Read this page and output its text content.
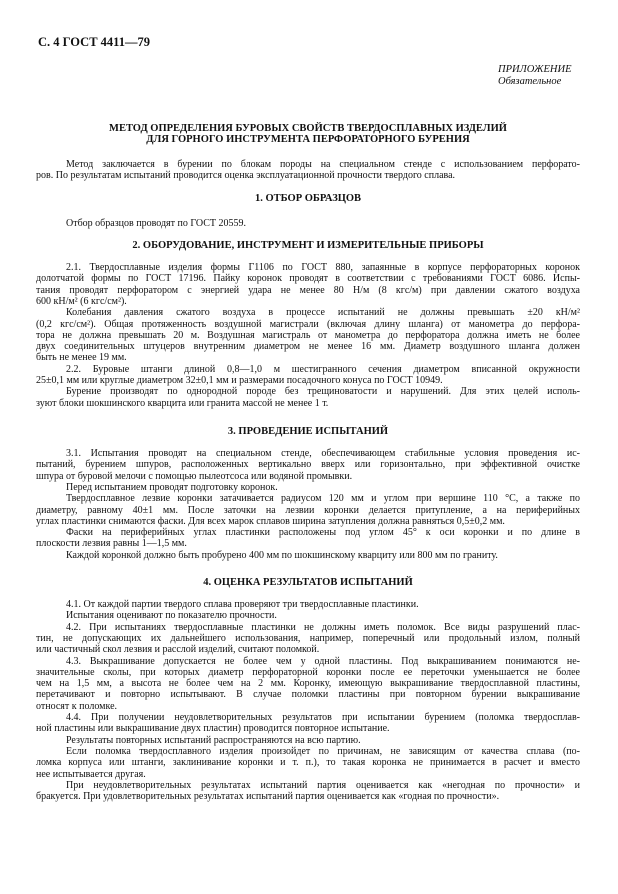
С. 4 ГОСТ 4411—79
ПРИЛОЖЕНИЕ
Обязательное
МЕТОД ОПРЕДЕЛЕНИЯ БУРОВЫХ СВОЙСТВ ТВЕРДОСПЛАВНЫХ ИЗДЕЛИЙ
ДЛЯ ГОРНОГО ИНСТРУМЕНТА ПЕРФОРАТОРНОГО БУРЕНИЯ
Метод заключается в бурении по блокам породы на специальном стенде с использованием перфорато-
ров. По результатам испытаний проводится оценка эксплуатационной прочности твердого сплава.
1. ОТБОР ОБРАЗЦОВ
Отбор образцов проводят по ГОСТ 20559.
2. ОБОРУДОВАНИЕ, ИНСТРУМЕНТ И ИЗМЕРИТЕЛЬНЫЕ ПРИБОРЫ
2.1. Твердосплавные изделия формы Г1106 по ГОСТ 880, запаянные в корпусе перфораторных коронок
долотчатой формы по ГОСТ 17196. Пайку коронок проводят в соответствии с требованиями ГОСТ 6086. Испы-
тания проводят перфоратором с энергией удара не менее 80 Н/м (8 кгс/м) при давлении сжатого воздуха
600 кН/м² (6 кгс/см²).
Колебания давления сжатого воздуха в процессе испытаний не должны превышать ±20 кН/м²
(0,2 кгс/см²). Общая протяженность воздушной магистрали (включая длину шланга) от манометра до перфора-
тора не должна превышать 20 м. Воздушная магистраль от манометра до перфоратора должна иметь не более
двух соединительных штуцеров внутренним диаметром не менее 16 мм. Диаметр воздушного шланга должен
быть не менее 19 мм.
2.2. Буровые штанги длиной 0,8—1,0 м шестигранного сечения диаметром вписанной окружности
25±0,1 мм или круглые диаметром 32±0,1 мм и размерами посадочного конуса по ГОСТ 10949.
Бурение производят по однородной породе без трещиноватости и нарушений. Для этих целей исполь-
зуют блоки шокшинского кварцита или гранита массой не менее 1 т.
3. ПРОВЕДЕНИЕ ИСПЫТАНИЙ
3.1. Испытания проводят на специальном стенде, обеспечивающем стабильные условия проведения ис-
пытаний, бурением шпуров, расположенных вертикально вверх или горизонтально, при эффективной очистке
шпура от буровой мелочи с помощью пылеотсоса или водяной промывки.
Перед испытанием проводят подготовку коронок.
Твердосплавное лезвие коронки затачивается радиусом 120 мм и углом при вершине 110 °С, а также по
диаметру, равному 40±1 мм. После заточки на лезвии коронки делается притупление, а на периферийных
углах пластинки снимаются фаски. Для всех марок сплавов ширина затупления должна равняться 0,5±0,2 мм.
Фаски на периферийных углах пластинки расположены под углом 45° к оси коронки и по длине в
плоскости лезвия равны 1—1,5 мм.
Каждой коронкой должно быть пробурено 400 мм по шокшинскому кварциту или 800 мм по граниту.
4. ОЦЕНКА РЕЗУЛЬТАТОВ ИСПЫТАНИЙ
4.1. От каждой партии твердого сплава проверяют три твердосплавные пластинки.
Испытания оценивают по показателю прочности.
4.2. При испытаниях твердосплавные пластинки не должны иметь поломок. Все виды разрушений плас-
тин, не допускающих их дальнейшего использования, например, поперечный или продольный излом, полный
или частичный скол лезвия и расслой изделий, считают поломкой.
4.3. Выкрашивание допускается не более чем у одной пластины. Под выкрашиванием понимаются не-
значительные сколы, при которых диаметр перфораторной коронки после ее переточки уменьшается не более
чем на 1,5 мм, а высота не более чем на 2 мм. Коронку, имеющую выкрашивание твердосплавной пластины,
перетачивают и повторно испытывают. В случае поломки пластины при повторном бурении выкрашивание
относят к поломке.
4.4. При получении неудовлетворительных результатов при испытании бурением (поломка твердосплав-
ной пластины или выкрашивание двух пластин) проводится повторное испытание.
Результаты повторных испытаний распространяются на всю партию.
Если поломка твердосплавного изделия произойдет по причинам, не зависящим от качества сплава (по-
ломка корпуса или штанги, заклинивание коронки и т. п.), то такая коронка не принимается в расчет и вместо
нее испытывается другая.
При неудовлетворительных результатах испытаний партия оценивается как «негодная по прочности» и
бракуется. При удовлетворительных результатах испытаний партия оценивается как «годная по прочности».
